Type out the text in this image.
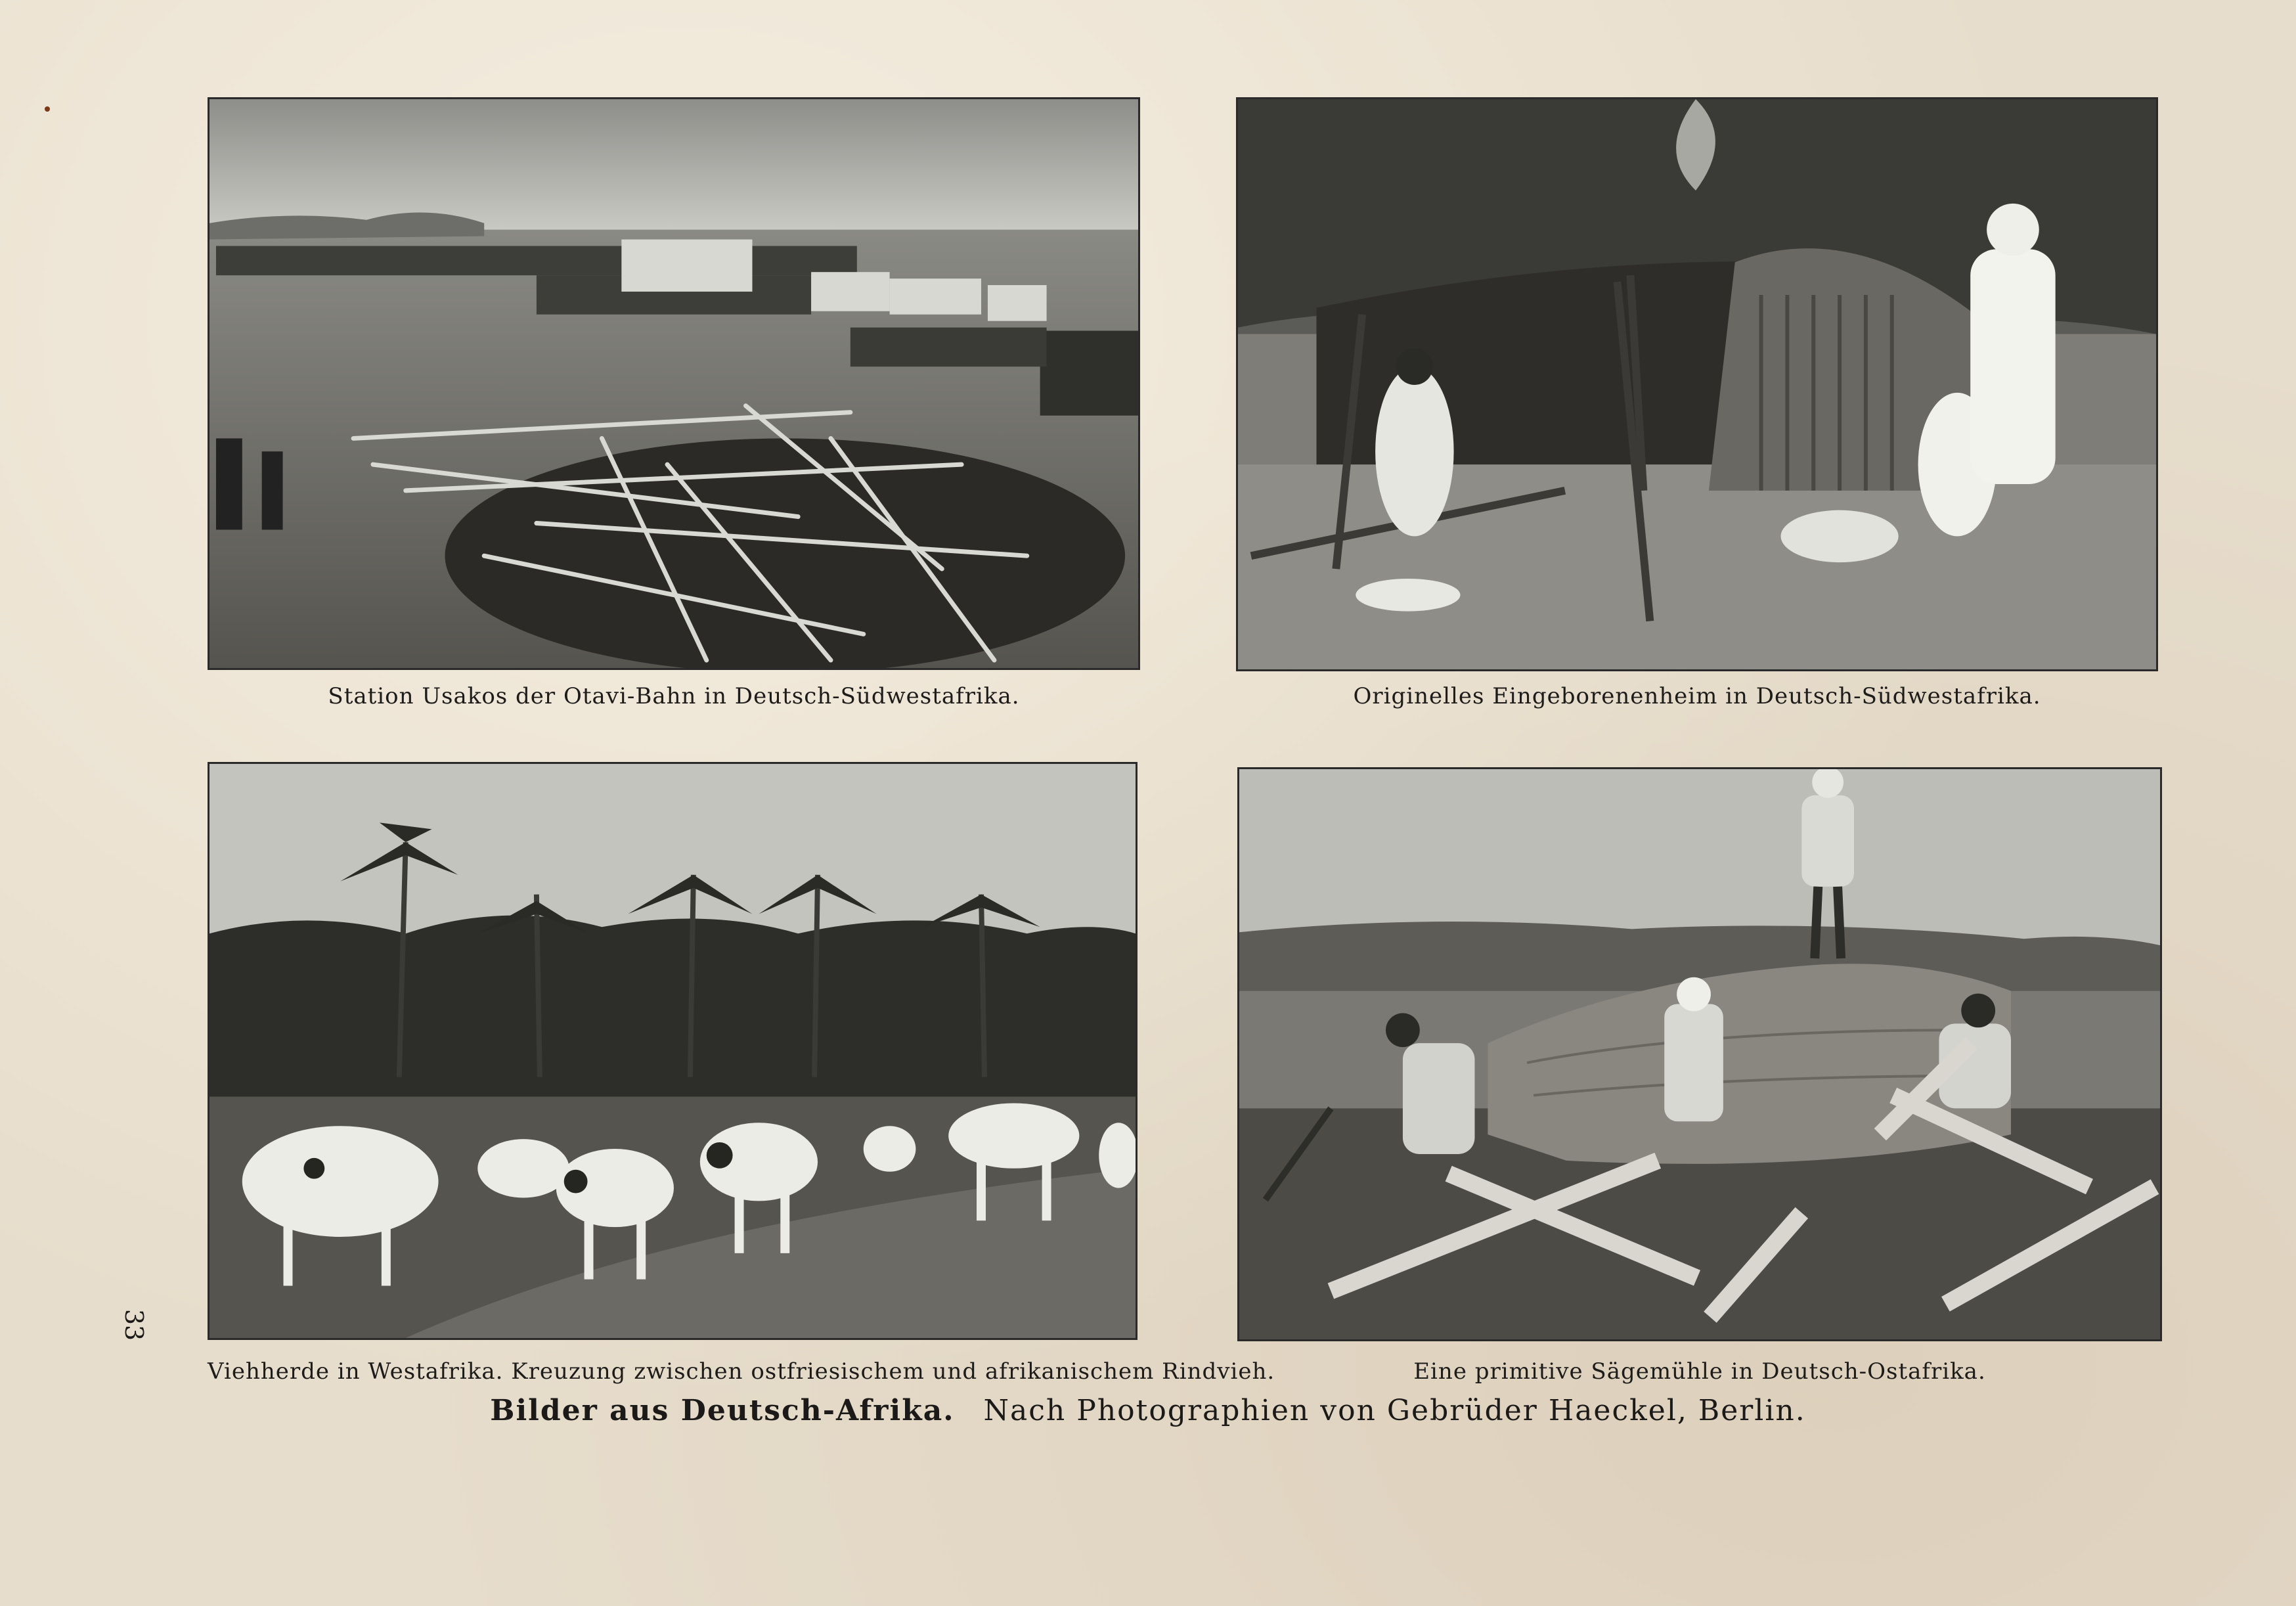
Station Usakos der Otavi-Bahn in Deutsch-Südwestafrika.	Originelles Eingeborenenheim in Deutsch-Südwestafrika.
Viehherde in Westafrika. Kreuzung zwischen ostfriesischem und afrikanischem Rindvieh.	Eine primitive Sägemühle in Deutsch-Ostafrika.
Bilder aus Deutsch-Afrika. Nach Photographien von Gebrüder Haeckel, Berlin.
33
